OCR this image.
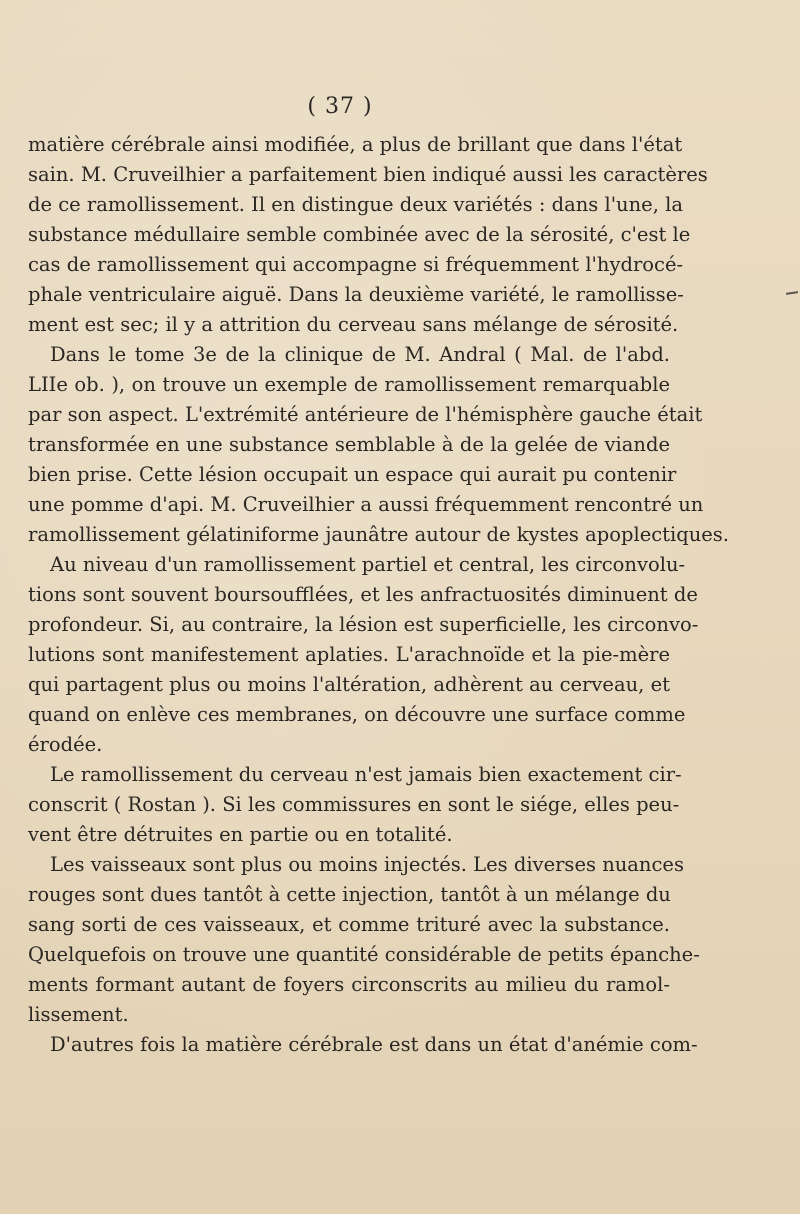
( 37 )
matière cérébrale ainsi modifiée, a plus de brillant que dans l'état
sain. M. Cruveilhier a parfaitement bien indiqué aussi les caractères
de ce ramollissement. Il en distingue deux variétés : dans l'une, la
substance médullaire semble combinée avec de la sérosité, c'est le
cas de ramollissement qui accompagne si fréquemment l'hydrocé-
phale ventriculaire aiguë. Dans la deuxième variété, le ramollisse-
ment est sec; il y a attrition du cerveau sans mélange de sérosité.
Dans le tome 3e de la clinique de M. Andral ( Mal. de l'abd.
LIIe ob. ), on trouve un exemple de ramollissement remarquable
par son aspect. L'extrémité antérieure de l'hémisphère gauche était
transformée en une substance semblable à de la gelée de viande
bien prise. Cette lésion occupait un espace qui aurait pu contenir
une pomme d'api. M. Cruveilhier a aussi fréquemment rencontré un
ramollissement gélatiniforme jaunâtre autour de kystes apoplectiques.
Au niveau d'un ramollissement partiel et central, les circonvolu-
tions sont souvent boursoufflées, et les anfractuosités diminuent de
profondeur. Si, au contraire, la lésion est superficielle, les circonvo-
lutions sont manifestement aplaties. L'arachnoïde et la pie-mère
qui partagent plus ou moins l'altération, adhèrent au cerveau, et
quand on enlève ces membranes, on découvre une surface comme
érodée.
Le ramollissement du cerveau n'est jamais bien exactement cir-
conscrit ( Rostan ). Si les commissures en sont le siége, elles peu-
vent être détruites en partie ou en totalité.
Les vaisseaux sont plus ou moins injectés. Les diverses nuances
rouges sont dues tantôt à cette injection, tantôt à un mélange du
sang sorti de ces vaisseaux, et comme trituré avec la substance.
Quelquefois on trouve une quantité considérable de petits épanche-
ments formant autant de foyers circonscrits au milieu du ramol-
lissement.
D'autres fois la matière cérébrale est dans un état d'anémie com-
